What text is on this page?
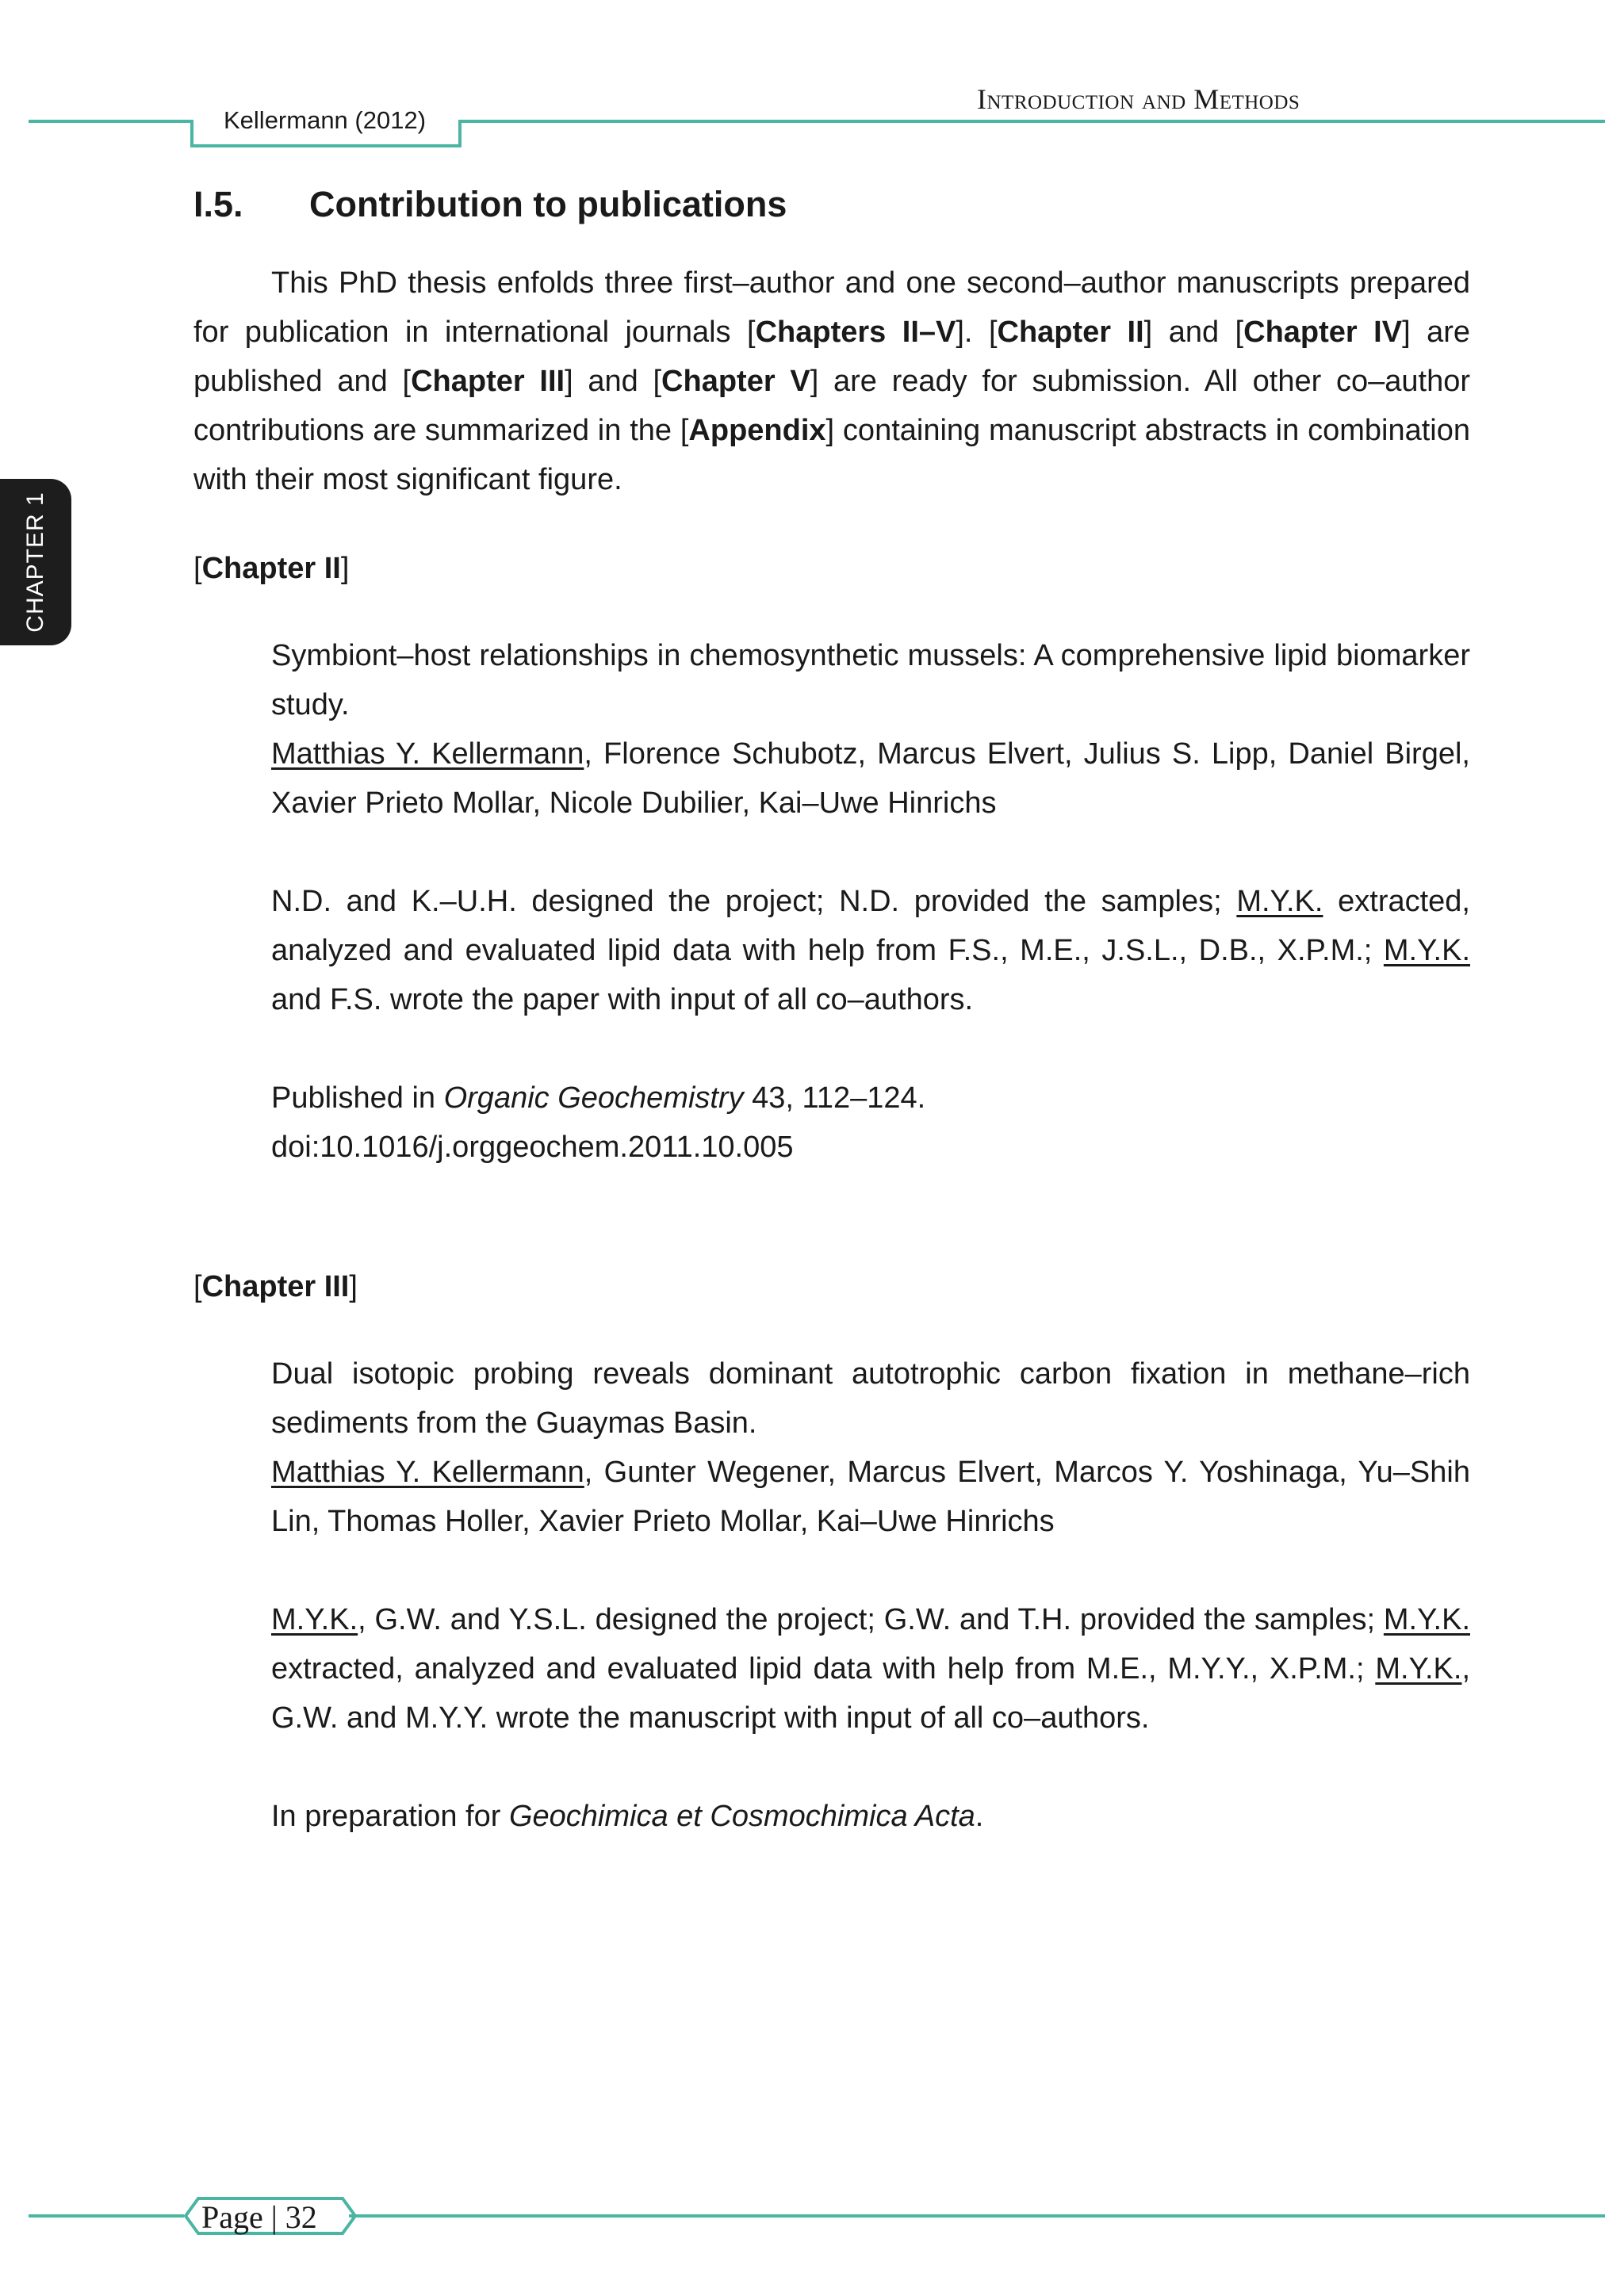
Introduction and Methods
Kellermann (2012)
CHAPTER 1
I.5. Contribution to publications

This PhD thesis enfolds three first–author and one second–author manuscripts prepared for publication in international journals [Chapters II–V]. [Chapter II] and [Chapter IV] are published and [Chapter III] and [Chapter V] are ready for submission. All other co–author contributions are summarized in the [Appendix] containing manuscript abstracts in combination with their most significant figure.

[Chapter II]

Symbiont–host relationships in chemosynthetic mussels: A comprehensive lipid biomarker study.

Matthias Y. Kellermann, Florence Schubotz, Marcus Elvert, Julius S. Lipp, Daniel Birgel, Xavier Prieto Mollar, Nicole Dubilier, Kai–Uwe Hinrichs

N.D. and K.–U.H. designed the project; N.D. provided the samples; M.Y.K. extracted, analyzed and evaluated lipid data with help from F.S., M.E., J.S.L., D.B., X.P.M.; M.Y.K. and F.S. wrote the paper with input of all co–authors.

Published in Organic Geochemistry 43, 112–124.
doi:10.1016/j.orggeochem.2011.10.005

[Chapter III]

Dual isotopic probing reveals dominant autotrophic carbon fixation in methane–rich sediments from the Guaymas Basin.

Matthias Y. Kellermann, Gunter Wegener, Marcus Elvert, Marcos Y. Yoshinaga, Yu–Shih Lin, Thomas Holler, Xavier Prieto Mollar, Kai–Uwe Hinrichs

M.Y.K., G.W. and Y.S.L. designed the project; G.W. and T.H. provided the samples; M.Y.K. extracted, analyzed and evaluated lipid data with help from M.E., M.Y.Y., X.P.M.; M.Y.K., G.W. and M.Y.Y. wrote the manuscript with input of all co–authors.

In preparation for Geochimica et Cosmochimica Acta.

Page | 32
